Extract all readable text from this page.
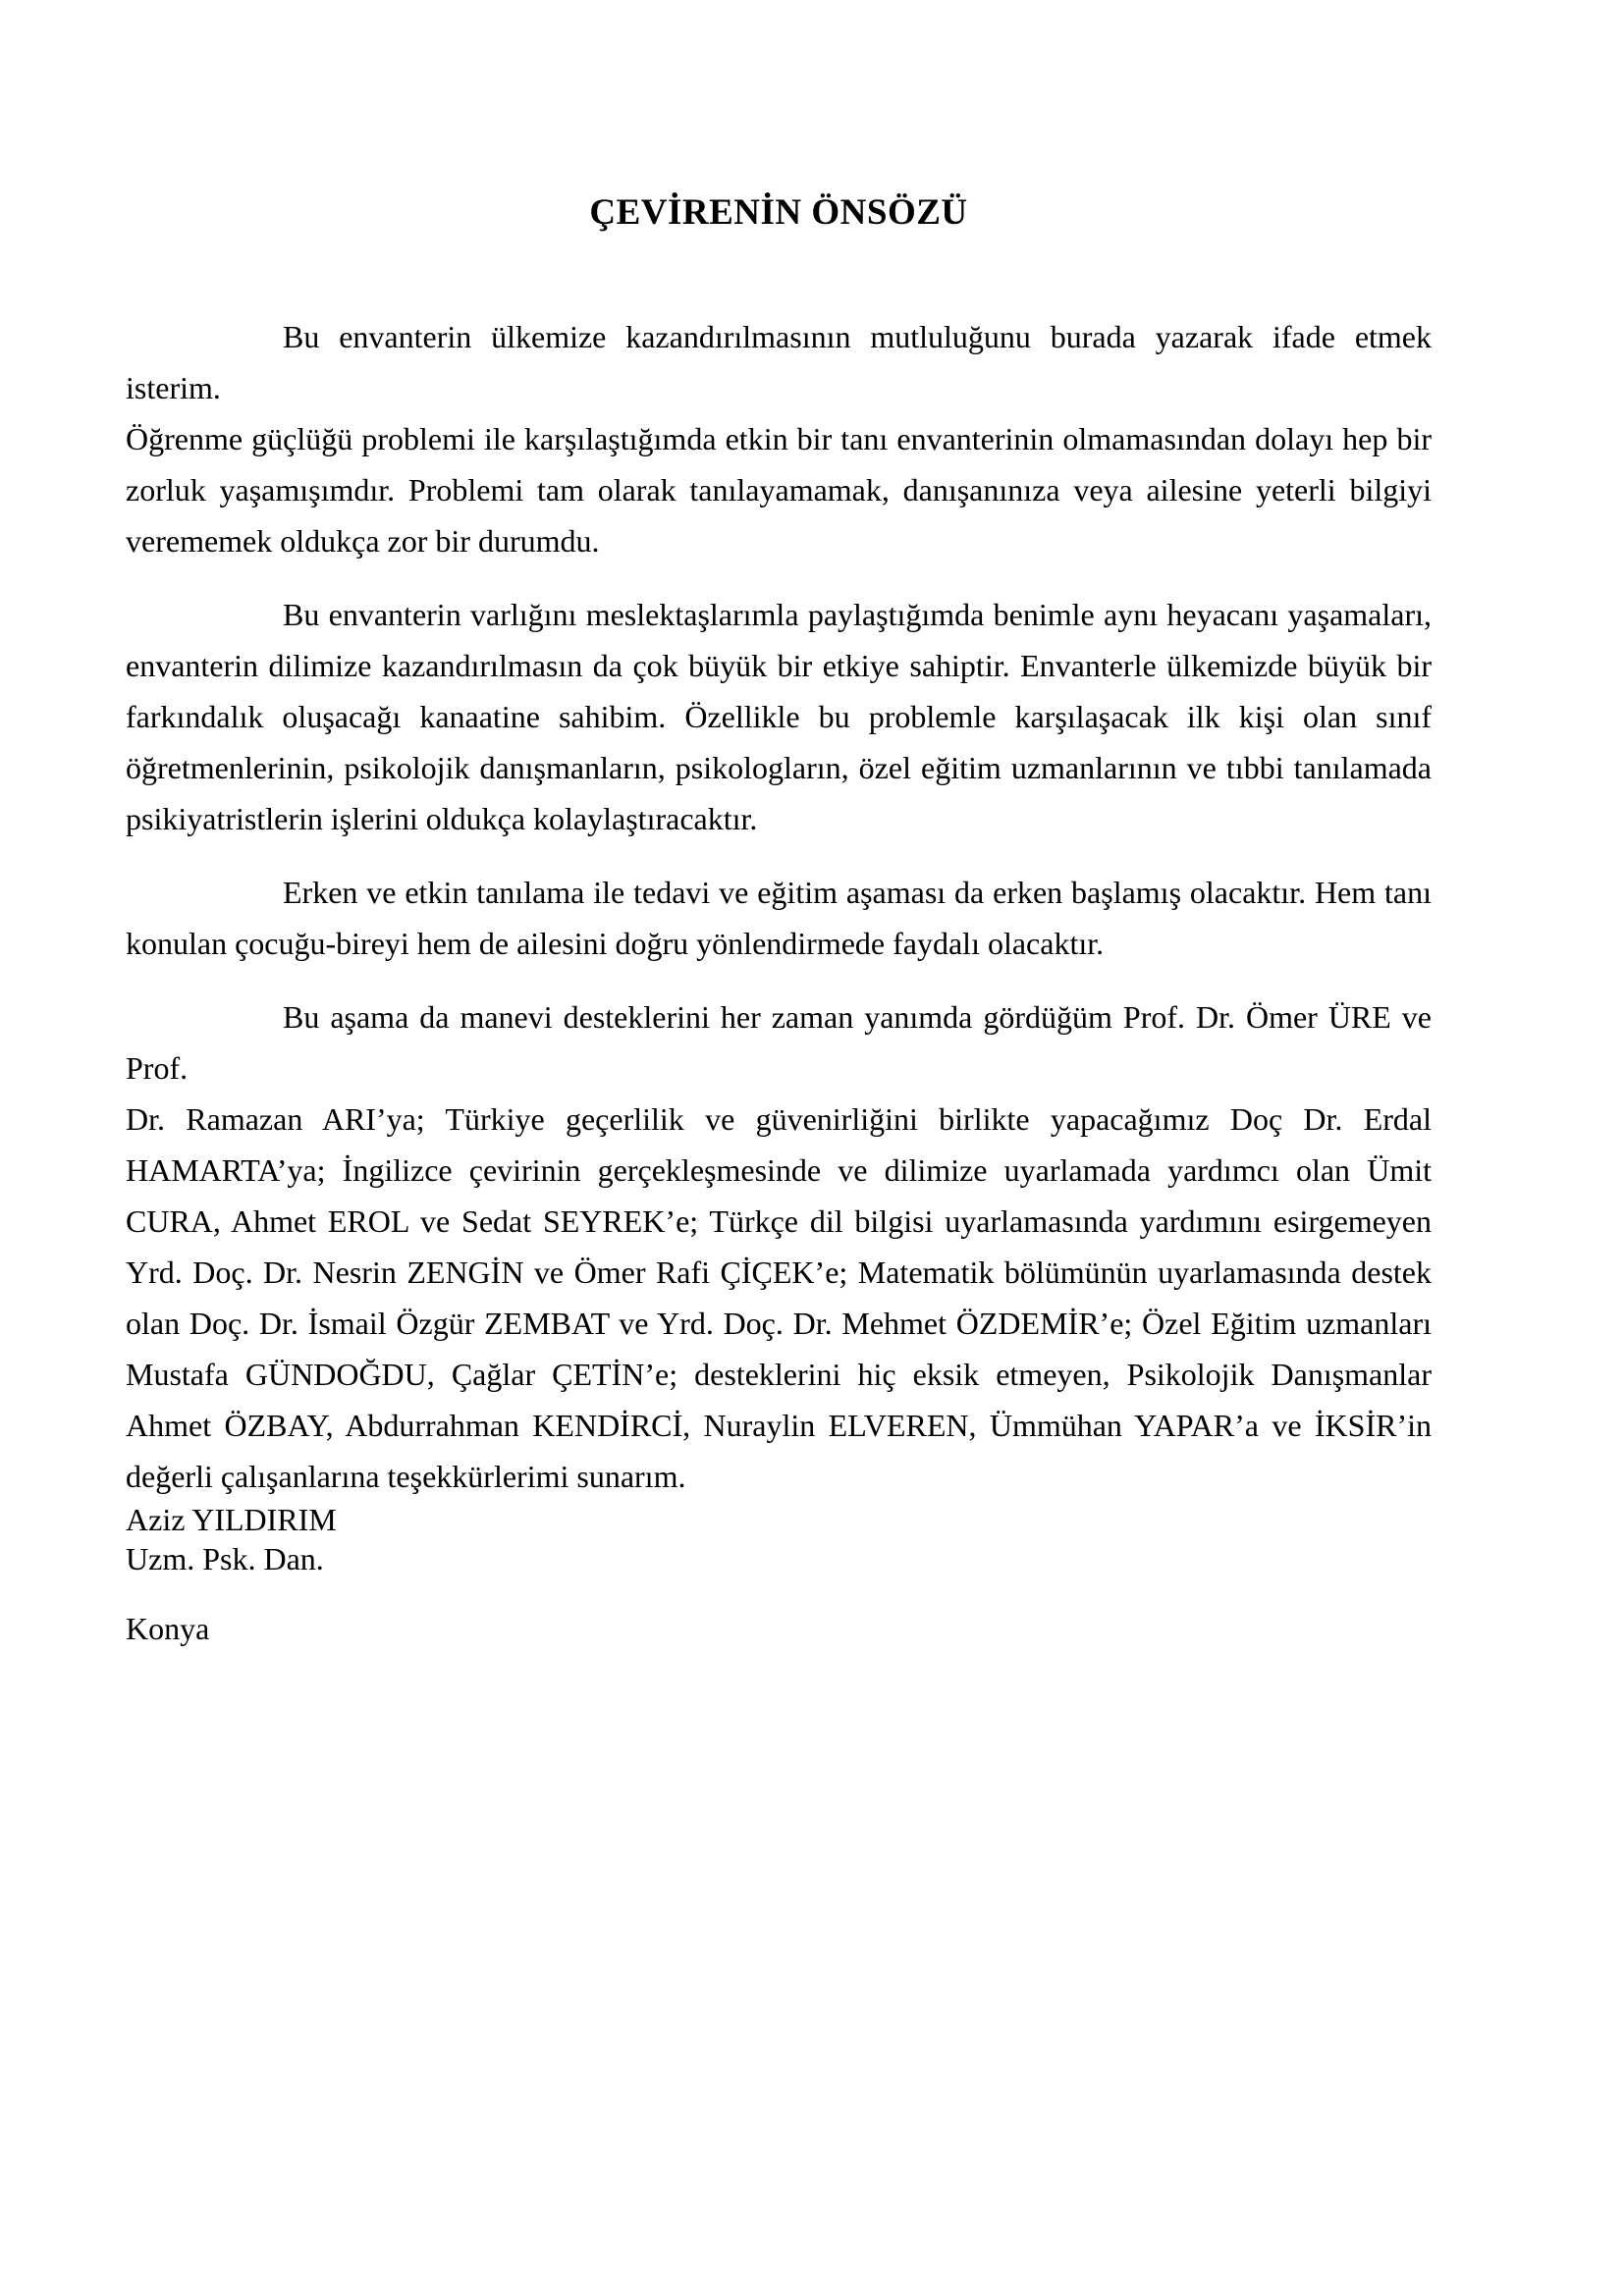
ÇEVİRENİN ÖNSÖZÜ
Bu envanterin ülkemize kazandırılmasının mutluluğunu burada yazarak ifade etmek isterim.
Öğrenme güçlüğü problemi ile karşılaştığımda etkin bir tanı envanterinin olmamasından dolayı hep bir
zorluk yaşamışımdır. Problemi tam olarak tanılayamamak, danışanınıza veya ailesine yeterli bilgiyi
verememek oldukça zor bir durumdu.
Bu envanterin varlığını meslektaşlarımla paylaştığımda benimle aynı heyacanı yaşamaları,
envanterin dilimize kazandırılmasın da çok büyük bir etkiye sahiptir. Envanterle ülkemizde büyük bir
farkındalık oluşacağı kanaatine sahibim. Özellikle bu problemle karşılaşacak ilk kişi olan sınıf
öğretmenlerinin, psikolojik danışmanların, psikologların, özel eğitim uzmanlarının ve tıbbi tanılamada
psikiyatristlerin işlerini oldukça kolaylaştıracaktır.
Erken ve etkin tanılama ile tedavi ve eğitim aşaması da erken başlamış olacaktır. Hem tanı
konulan çocuğu-bireyi hem de ailesini doğru yönlendirmede faydalı olacaktır.
Bu aşama da manevi desteklerini her zaman yanımda gördüğüm Prof. Dr. Ömer ÜRE ve Prof.
Dr. Ramazan ARI’ya; Türkiye geçerlilik ve güvenirliğini birlikte yapacağımız Doç Dr. Erdal
HAMARTA’ya; İngilizce çevirinin gerçekleşmesinde ve dilimize uyarlamada yardımcı olan Ümit
CURA, Ahmet EROL ve Sedat SEYREK’e; Türkçe dil bilgisi uyarlamasında yardımını esirgemeyen
Yrd. Doç. Dr. Nesrin ZENGİN ve Ömer Rafi ÇİÇEK’e; Matematik bölümünün uyarlamasında destek
olan Doç. Dr. İsmail Özgür ZEMBAT ve Yrd. Doç. Dr. Mehmet ÖZDEMİR’e; Özel Eğitim uzmanları
Mustafa GÜNDOĞDU, Çağlar ÇETİN’e; desteklerini hiç eksik etmeyen, Psikolojik Danışmanlar
Ahmet ÖZBAY, Abdurrahman KENDİRCİ, Nuraylin ELVEREN, Ümmühan YAPAR’a ve İKSİR’in
değerli çalışanlarına teşekkürlerimi sunarım.
Aziz YILDIRIM
Uzm. Psk. Dan.
Konya
